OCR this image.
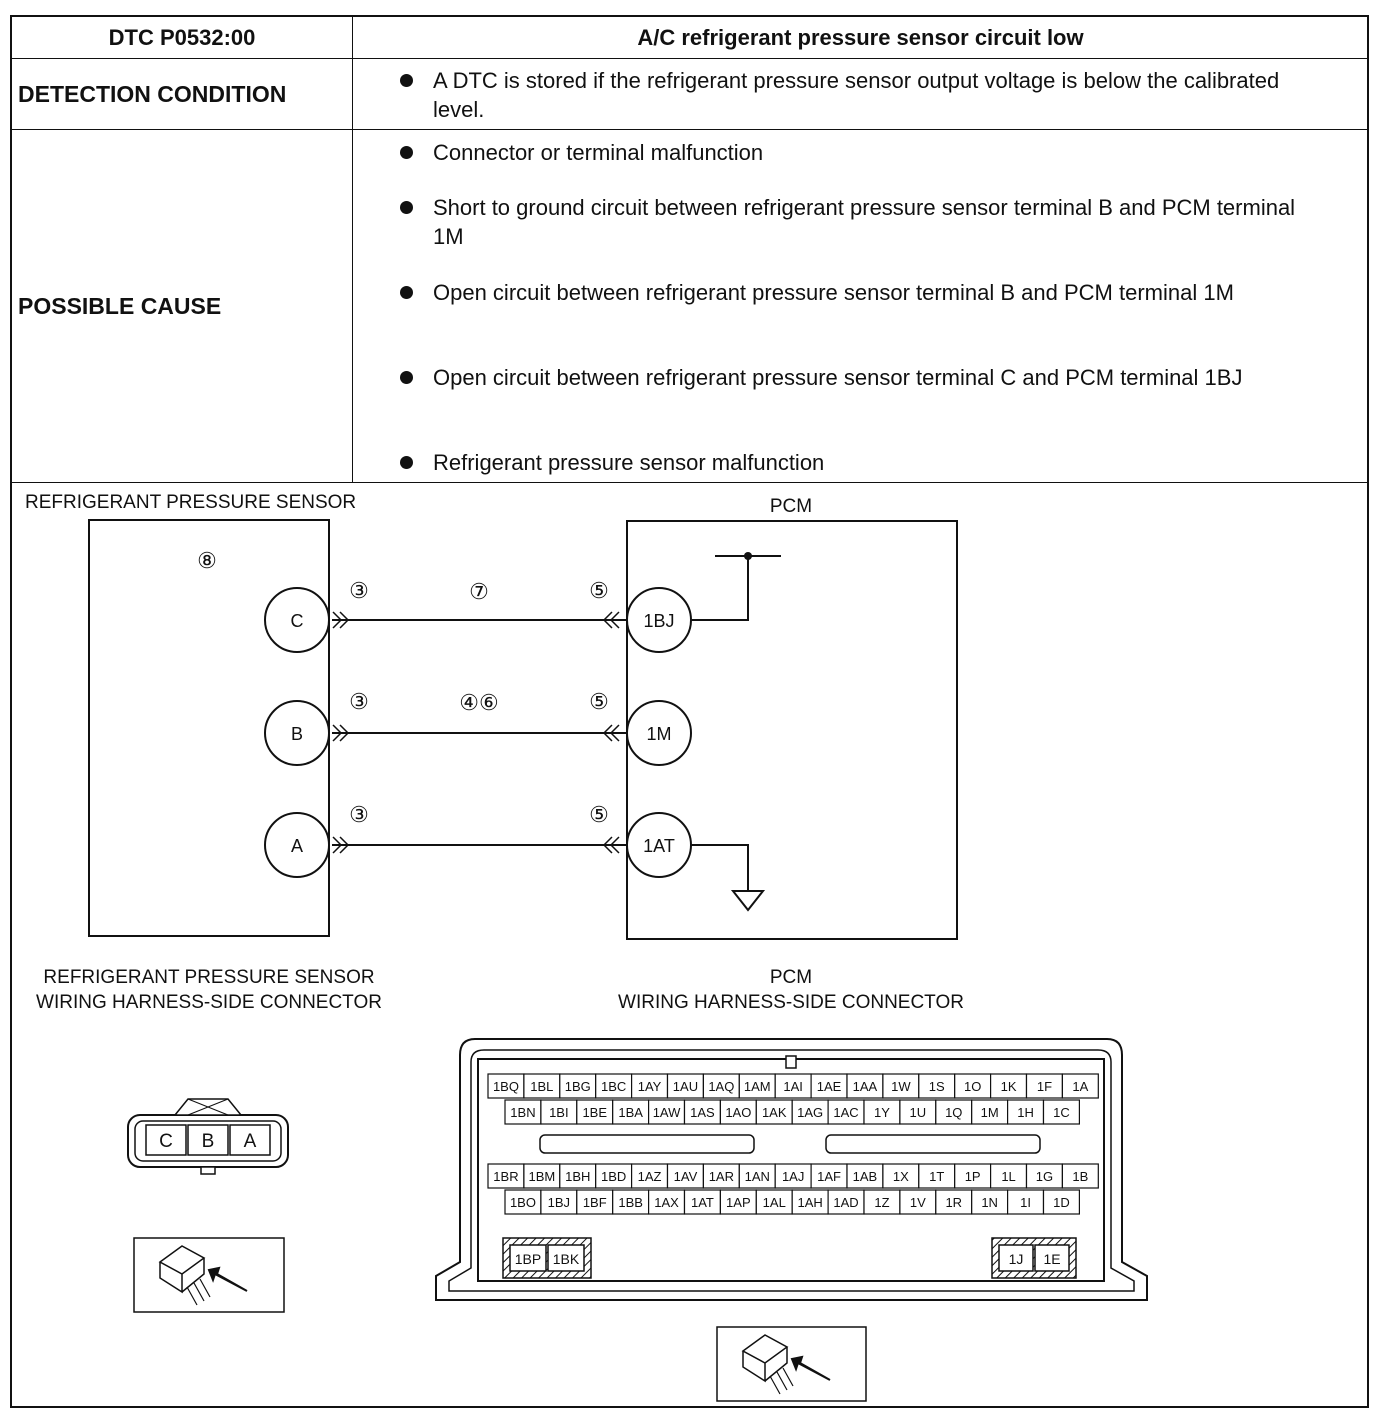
DTC P0532:00	A/C refrigerant pressure sensor circuit low
DETECTION CONDITION
A DTC is stored if the refrigerant pressure sensor output voltage is below the calibrated level.
POSSIBLE CAUSE
Connector or terminal malfunction
Short to ground circuit between refrigerant pressure sensor terminal B and PCM terminal 1M
Open circuit between refrigerant pressure sensor terminal B and PCM terminal 1M
Open circuit between refrigerant pressure sensor terminal C and PCM terminal 1BJ
Refrigerant pressure sensor malfunction
REFRIGERANT PRESSURE SENSOR
⑧
PCM
C
③	⑦	⑤
1BJ
B
③	④⑥	⑤
1M
A
③	⑤
1AT
REFRIGERANT PRESSURE SENSOR
WIRING HARNESS-SIDE CONNECTOR
C B A
PCM
WIRING HARNESS-SIDE CONNECTOR
1BQ 1BL 1BG 1BC 1AY 1AU 1AQ 1AM 1AI 1AE 1AA 1W 1S 1O 1K 1F 1A
1BN 1BI 1BE 1BA 1AW 1AS 1AO 1AK 1AG 1AC 1Y 1U 1Q 1M 1H 1C
1BR 1BM 1BH 1BD 1AZ 1AV 1AR 1AN 1AJ 1AF 1AB 1X 1T 1P 1L 1G 1B
1BO 1BJ 1BF 1BB 1AX 1AT 1AP 1AL 1AH 1AD 1Z 1V 1R 1N 1I 1D
1BP 1BK	1J 1E
